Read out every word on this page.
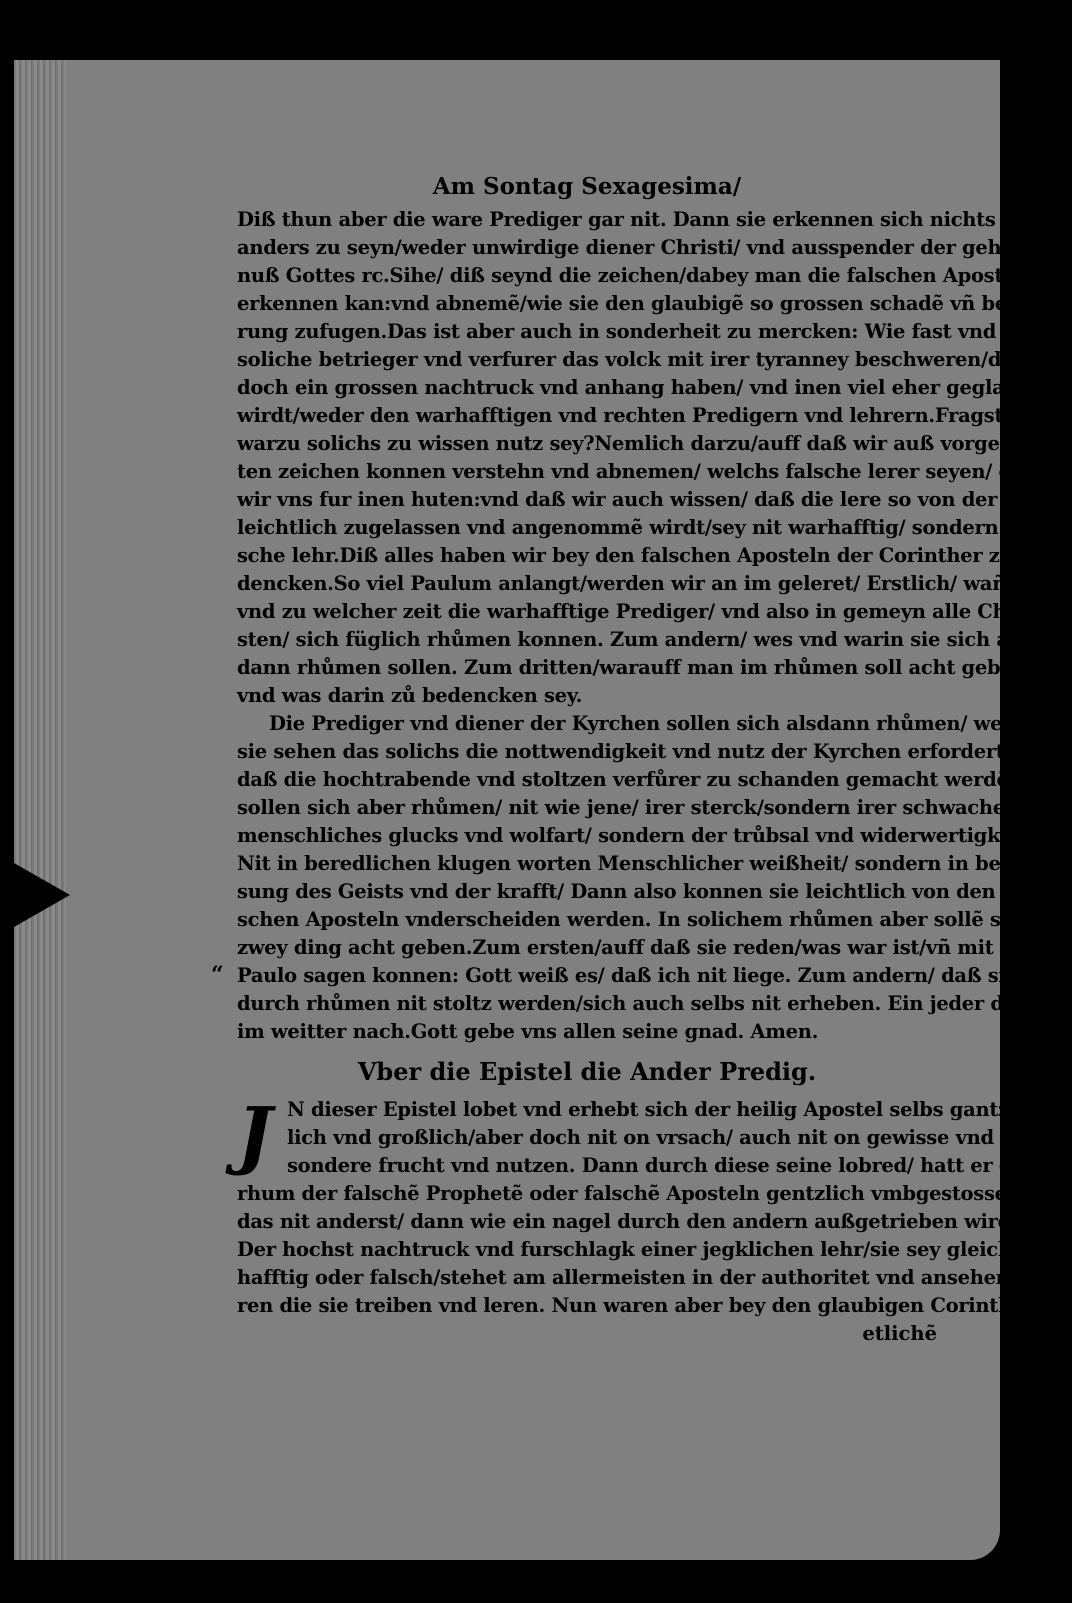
Am Sontag Sexagesima/
Diß thun aber die ware Prediger gar nit. Dann sie erkennen sich nichts
anders zu seyn/weder unwirdige diener Christi/ vnd ausspender der geheim
nuß Gottes rc.Sihe/ diß seynd die zeichen/dabey man die falschen Aposteln
erkennen kan:vnd abnemẽ/wie sie den glaubigẽ so grossen schadẽ vñ beschwe
rung zufugen.Das ist aber auch in sonderheit zu mercken: Wie fast vnd sehr
soliche betrieger vnd verfurer das volck mit irer tyranney beschweren/daß sie
doch ein grossen nachtruck vnd anhang haben/ vnd inen viel eher geglaubt
wirdt/weder den warhafftigen vnd rechten Predigern vnd lehrern.Fragstu/
warzu solichs zu wissen nutz sey?Nemlich darzu/auff daß wir auß vorgemel
ten zeichen konnen verstehn vnd abnemen/ welchs falsche lerer seyen/ damit
wir vns fur inen huten:vnd daß wir auch wissen/ daß die lere so von der welt
leichtlich zugelassen vnd angenommẽ wirdt/sey nit warhafftig/ sondern fal
sche lehr.Diß alles haben wir bey den falschen Aposteln der Corinther zu be
dencken.So viel Paulum anlangt/werden wir an im geleret/ Erstlich/ wañ
vnd zu welcher zeit die warhafftige Prediger/ vnd also in gemeyn alle Chri
sten/ sich füglich rhůmen konnen. Zum andern/ wes vnd warin sie sich als
dann rhůmen sollen. Zum dritten/warauff man im rhůmen soll acht geben/
vnd was darin zů bedencken sey.
Die Prediger vnd diener der Kyrchen sollen sich alsdann rhůmen/ wenn
sie sehen das solichs die nottwendigkeit vnd nutz der Kyrchen erfordert/ auff
daß die hochtrabende vnd stoltzen verfůrer zu schanden gemacht werdẽ.Sie
sollen sich aber rhůmen/ nit wie jene/ irer sterck/sondern irer schwacheit: nit
menschliches glucks vnd wolfart/ sondern der trůbsal vnd widerwertigkeit:
Nit in beredlichen klugen worten Menschlicher weißheit/ sondern in bewei
sung des Geists vnd der krafft/ Dann also konnen sie leichtlich von den fal
schen Aposteln vnderscheiden werden. In solichem rhůmen aber sollẽ sie auff
zwey ding acht geben.Zum ersten/auff daß sie reden/was war ist/vñ mit dem
“ Paulo sagen konnen: Gott weiß es/ daß ich nit liege. Zum andern/ daß sie
durch rhůmen nit stoltz werden/sich auch selbs nit erheben. Ein jeder dencke
im weitter nach.Gott gebe vns allen seine gnad. Amen.
Vber die Epistel die Ander Predig.
J N dieser Epistel lobet vnd erhebt sich der heilig Apostel selbs gantz herr
lich vnd großlich/aber doch nit on vrsach/ auch nit on gewisse vnd be
sondere frucht vnd nutzen. Dann durch diese seine lobred/ hatt er den
rhum der falschẽ Prophetẽ oder falschẽ Aposteln gentzlich vmbgestossen/ vñ
das nit anderst/ dann wie ein nagel durch den andern außgetrieben wirdt.
Der hochst nachtruck vnd furschlagk einer jegklichen lehr/sie sey gleich war
hafftig oder falsch/stehet am allermeisten in der authoritet vnd ansehen de
ren die sie treiben vnd leren. Nun waren aber bey den glaubigen Corinthern
etlichẽ
